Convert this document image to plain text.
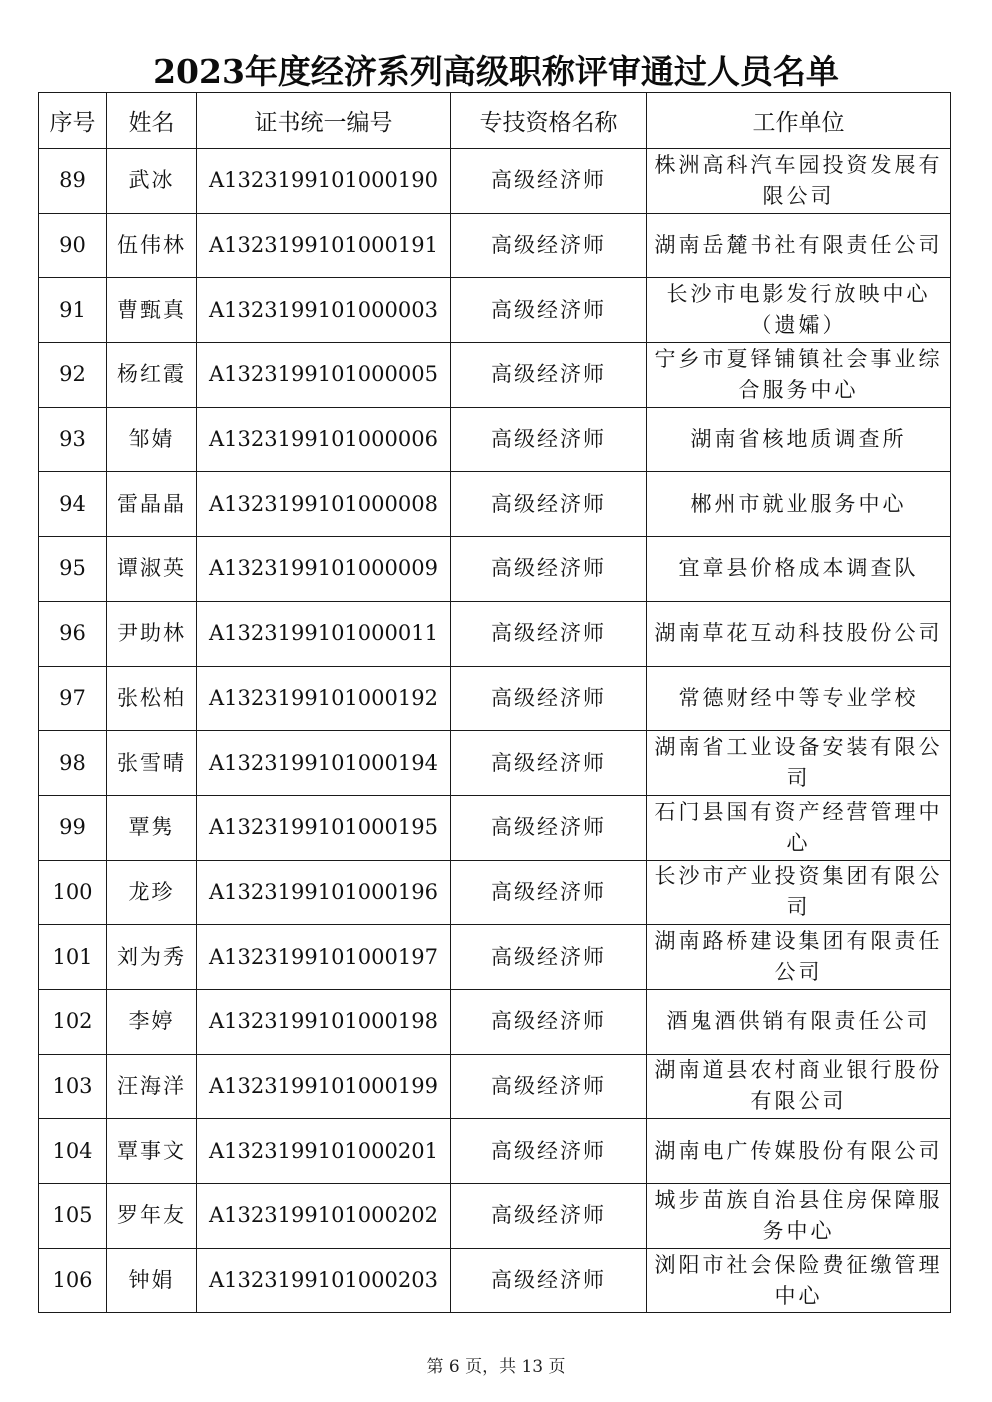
2023年度经济系列高级职称评审通过人员名单
序号	姓名	证书统一编号	专技资格名称	工作单位
89	武冰	A1323199101000190	高级经济师	株洲高科汽车园投资发展有限公司
90	伍伟林	A1323199101000191	高级经济师	湖南岳麓书社有限责任公司
91	曹甄真	A1323199101000003	高级经济师	长沙市电影发行放映中心（遗孀）
92	杨红霞	A1323199101000005	高级经济师	宁乡市夏铎铺镇社会事业综合服务中心
93	邹婧	A1323199101000006	高级经济师	湖南省核地质调查所
94	雷晶晶	A1323199101000008	高级经济师	郴州市就业服务中心
95	谭淑英	A1323199101000009	高级经济师	宜章县价格成本调查队
96	尹助林	A1323199101000011	高级经济师	湖南草花互动科技股份公司
97	张松柏	A1323199101000192	高级经济师	常德财经中等专业学校
98	张雪晴	A1323199101000194	高级经济师	湖南省工业设备安装有限公司
99	覃隽	A1323199101000195	高级经济师	石门县国有资产经营管理中心
100	龙珍	A1323199101000196	高级经济师	长沙市产业投资集团有限公司
101	刘为秀	A1323199101000197	高级经济师	湖南路桥建设集团有限责任公司
102	李婷	A1323199101000198	高级经济师	酒鬼酒供销有限责任公司
103	汪海洋	A1323199101000199	高级经济师	湖南道县农村商业银行股份有限公司
104	覃事文	A1323199101000201	高级经济师	湖南电广传媒股份有限公司
105	罗年友	A1323199101000202	高级经济师	城步苗族自治县住房保障服务中心
106	钟娟	A1323199101000203	高级经济师	浏阳市社会保险费征缴管理中心
第 6 页，共 13 页
